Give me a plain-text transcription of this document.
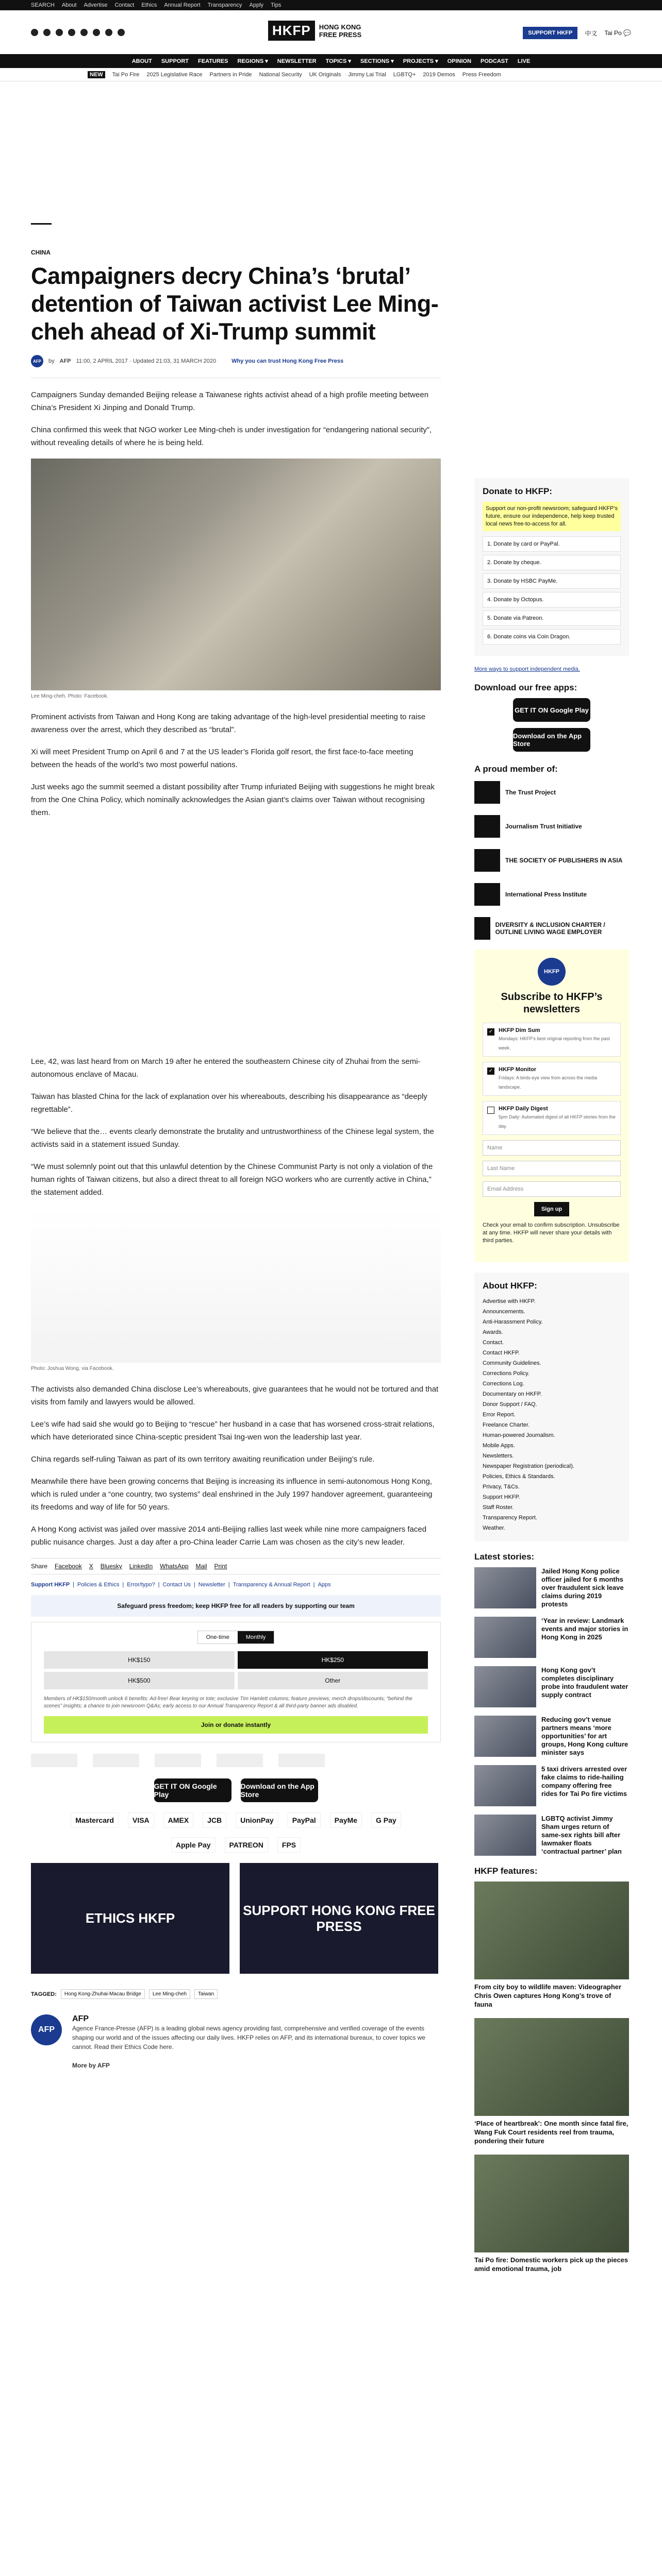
SEARCH About Advertise Contact Ethics Annual Report Transparency Apply Tips
HKFP	HONG KONG
FREE PRESS	SUPPORT HKFP	中文 Tai Po 💬
ABOUT SUPPORT FEATURES REGIONS ▾ NEWSLETTER TOPICS ▾ SECTIONS ▾ PROJECTS ▾ OPINION PODCAST LIVE
NEW	Tai Po Fire 2025 Legislative Race Partners in Pride National Security UK Originals Jimmy Lai Trial LGBTQ+ 2019 Demos Press Freedom
CHINA
Campaigners decry China’s ‘brutal’ detention of Taiwan activist Lee Ming-cheh ahead of Xi-Trump summit
AFP	by AFP 11:00, 2 APRIL 2017 · Updated 21:03, 31 MARCH 2020	Why you can trust Hong Kong Free Press

Campaigners Sunday demanded Beijing release a Taiwanese rights activist ahead of a high profile meeting between China’s President Xi Jinping and Donald Trump.

China confirmed this week that NGO worker Lee Ming-cheh is under investigation for “endangering national security”, without revealing details of where he is being held.

Lee Ming-cheh. Photo: Facebook.

Prominent activists from Taiwan and Hong Kong are taking advantage of the high-level presidential meeting to raise awareness over the arrest, which they described as “brutal”.

Xi will meet President Trump on April 6 and 7 at the US leader’s Florida golf resort, the first face-to-face meeting between the heads of the world’s two most powerful nations.

Just weeks ago the summit seemed a distant possibility after Trump infuriated Beijing with suggestions he might break from the One China Policy, which nominally acknowledges the Asian giant’s claims over Taiwan without recognising them.

Lee, 42, was last heard from on March 19 after he entered the southeastern Chinese city of Zhuhai from the semi-autonomous enclave of Macau.

Taiwan has blasted China for the lack of explanation over his whereabouts, describing his disappearance as “deeply regrettable”.

“We believe that the… events clearly demonstrate the brutality and untrustworthiness of the Chinese legal system, the activists said in a statement issued Sunday.

“We must solemnly point out that this unlawful detention by the Chinese Communist Party is not only a violation of the human rights of Taiwan citizens, but also a direct threat to all foreign NGO workers who are currently active in China,” the statement added.

Photo: Joshua Wong, via Facebook.

The activists also demanded China disclose Lee’s whereabouts, give guarantees that he would not be tortured and that visits from family and lawyers would be allowed.

Lee’s wife had said she would go to Beijing to “rescue” her husband in a case that has worsened cross-strait relations, which have deteriorated since China-sceptic president Tsai Ing-wen won the leadership last year.

China regards self-ruling Taiwan as part of its own territory awaiting reunification under Beijing’s rule.

Meanwhile there have been growing concerns that Beijing is increasing its influence in semi-autonomous Hong Kong, which is ruled under a “one country, two systems” deal enshrined in the July 1997 handover agreement, guaranteeing its freedoms and way of life for 50 years.

A Hong Kong activist was jailed over massive 2014 anti-Beijing rallies last week while nine more campaigners faced public nuisance charges. Just a day after a pro-China leader Carrie Lam was chosen as the city’s new leader.

Share Facebook X Bluesky LinkedIn WhatsApp Mail Print
Support HKFP | Policies & Ethics | Error/typo? | Contact Us | Newsletter | Transparency & Annual Report | Apps
Safeguard press freedom; keep HKFP free for all readers by supporting our team
One-time	Monthly
HK$150	HK$250
HK$500	Other
Members of HK$150/month unlock 6 benefits: Ad-free! Bear keyring or tote; exclusive Tim Hamlett columns; feature previews; merch drops/discounts; “behind the scenes” insights; a chance to join newsroom Q&As; early access to our Annual Transparency Report & all third-party banner ads disabled.
Join or donate instantly
GET IT ON Google Play
Download on the App Store
Mastercard	VISA	AMEX	JCB	UnionPay	PayPal	PayMe	G Pay
Apple Pay	PATREON	FPS
ETHICS HKFP
SUPPORT HONG KONG FREE PRESS
TAGGED:	Hong Kong-Zhuhai-Macau Bridge	Lee Ming-cheh	Taiwan
AFP
AFP

Agence France-Presse (AFP) is a leading global news agency providing fast, comprehensive and verified coverage of the events shaping our world and of the issues affecting our daily lives. HKFP relies on AFP, and its international bureaux, to cover topics we cannot. Read their Ethics Code here.

More by AFP
Donate to HKFP:
Support our non-profit newsroom; safeguard HKFP’s future, ensure our independence, help keep trusted local news free-to-access for all.
1. Donate by card or PayPal.
2. Donate by cheque.
3. Donate by HSBC PayMe.
4. Donate by Octopus.
5. Donate via Patreon.
6. Donate coins via Coin Dragon.
More ways to support independent media.
Download our free apps:
GET IT ON Google Play
Download on the App Store
A proud member of:
The Trust Project
Journalism Trust Initiative
THE SOCIETY OF PUBLISHERS IN ASIA
International Press Institute
DIVERSITY & INCLUSION CHARTER / OUTLINE LIVING WAGE EMPLOYER
HKFP
Subscribe to HKFP’s newsletters
✓ HKFP Dim Sum
Mondays: HKFP’s best original reporting from the past week.
✓ HKFP Monitor
Fridays: A birds-eye view from across the media landscape.
HKFP Daily Digest
5pm Daily: Automated digest of all HKFP stories from the day.
Name
Last Name
Email Address
Sign up

Check your email to confirm subscription. Unsubscribe at any time. HKFP will never share your details with third parties.

About HKFP:
Advertise with HKFP.
Announcements.
Anti-Harassment Policy.
Awards.
Contact.
Contact HKFP.
Community Guidelines.
Corrections Policy.
Corrections Log.
Documentary on HKFP.
Donor Support / FAQ.
Error Report.
Freelance Charter.
Human-powered Journalism.
Mobile Apps.
Newsletters.
Newspaper Registration (periodical).
Policies, Ethics & Standards.
Privacy, T&Cs.
Support HKFP.
Staff Roster.
Transparency Report.
Weather.
Latest stories:
Jailed Hong Kong police officer jailed for 6 months over fraudulent sick leave claims during 2019 protests
‘Year in review: Landmark events and major stories in Hong Kong in 2025
Hong Kong gov’t completes disciplinary probe into fraudulent water supply contract
Reducing gov’t venue partners means ‘more opportunities’ for art groups, Hong Kong culture minister says
5 taxi drivers arrested over fake claims to ride-hailing company offering free rides for Tai Po fire victims
LGBTQ activist Jimmy Sham urges return of same-sex rights bill after lawmaker floats ‘contractual partner’ plan
HKFP features:
From city boy to wildlife maven: Videographer Chris Owen captures Hong Kong’s trove of fauna
‘Place of heartbreak’: One month since fatal fire, Wang Fuk Court residents reel from trauma, pondering their future
Tai Po fire: Domestic workers pick up the pieces amid emotional trauma, job
